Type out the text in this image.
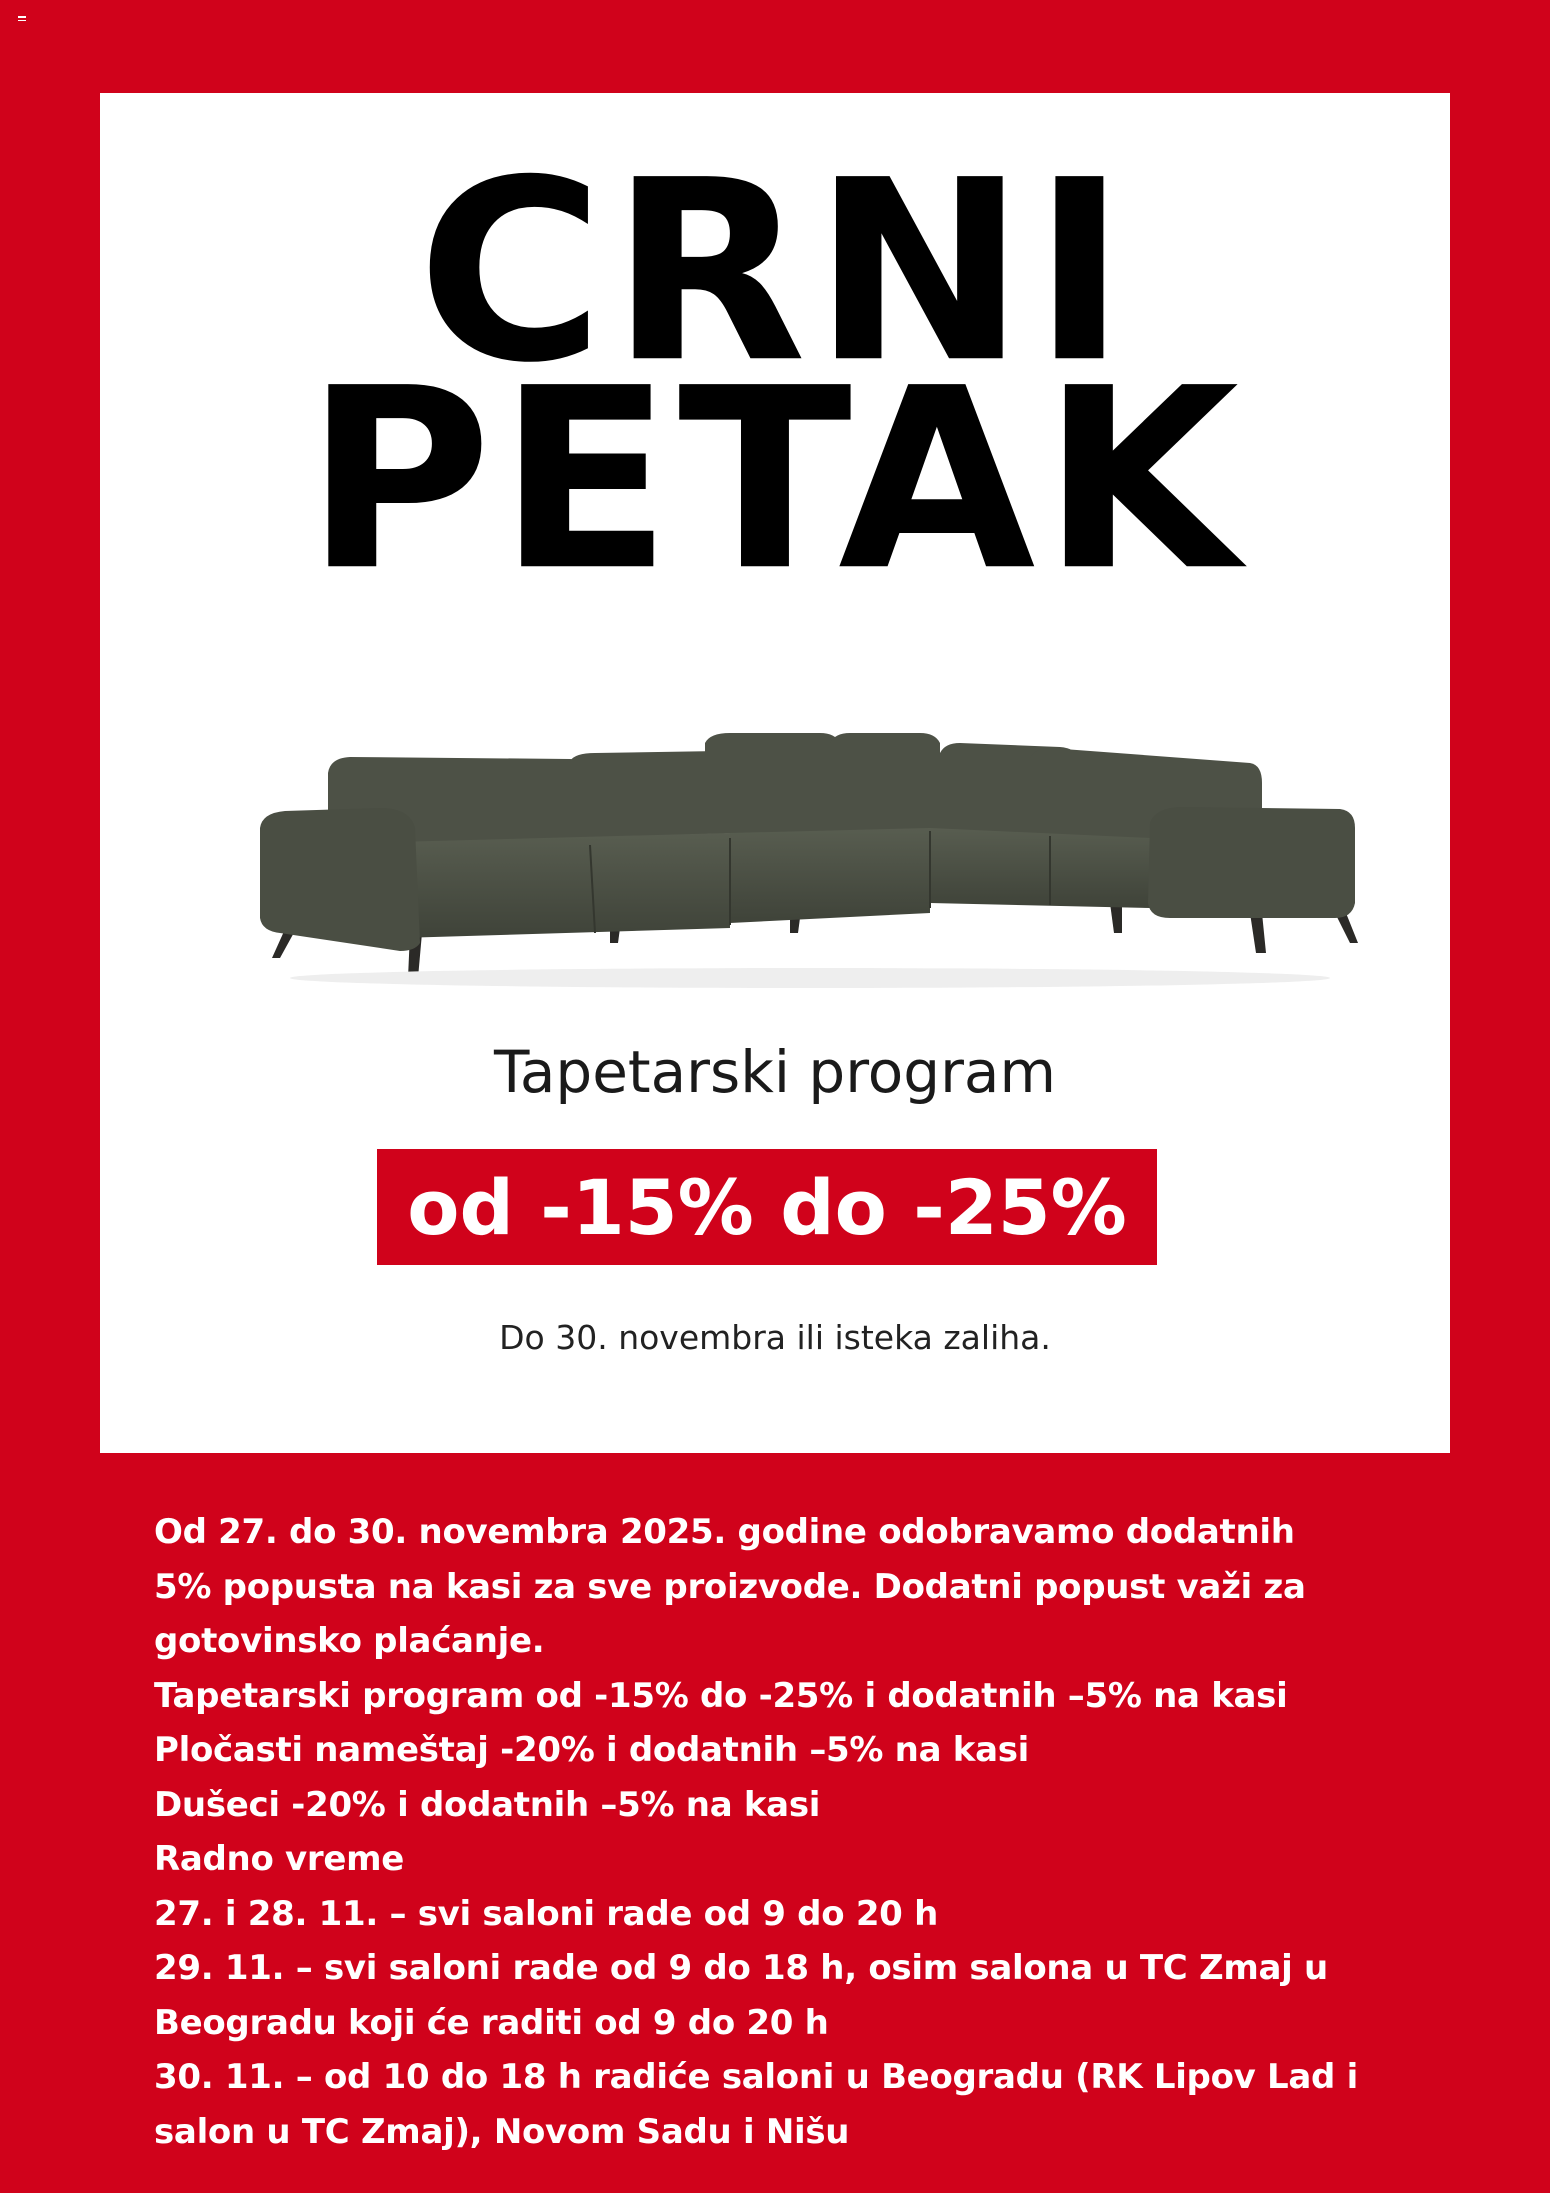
CRNI
PETAK
Tapetarski program
od -15% do -25%
Do 30. novembra ili isteka zaliha.
Od 27. do 30. novembra 2025. godine odobravamo dodatnih
5% popusta na kasi za sve proizvode. Dodatni popust važi za
gotovinsko plaćanje.
Tapetarski program od -15% do -25% i dodatnih –5% na kasi
Pločasti nameštaj -20% i dodatnih –5% na kasi
Dušeci -20% i dodatnih –5% na kasi
Radno vreme
27. i 28. 11. – svi saloni rade od 9 do 20 h
29. 11. – svi saloni rade od 9 do 18 h, osim salona u TC Zmaj u
Beogradu koji će raditi od 9 do 20 h
30. 11. – od 10 do 18 h radiće saloni u Beogradu (RK Lipov Lad i
salon u TC Zmaj), Novom Sadu i Nišu
